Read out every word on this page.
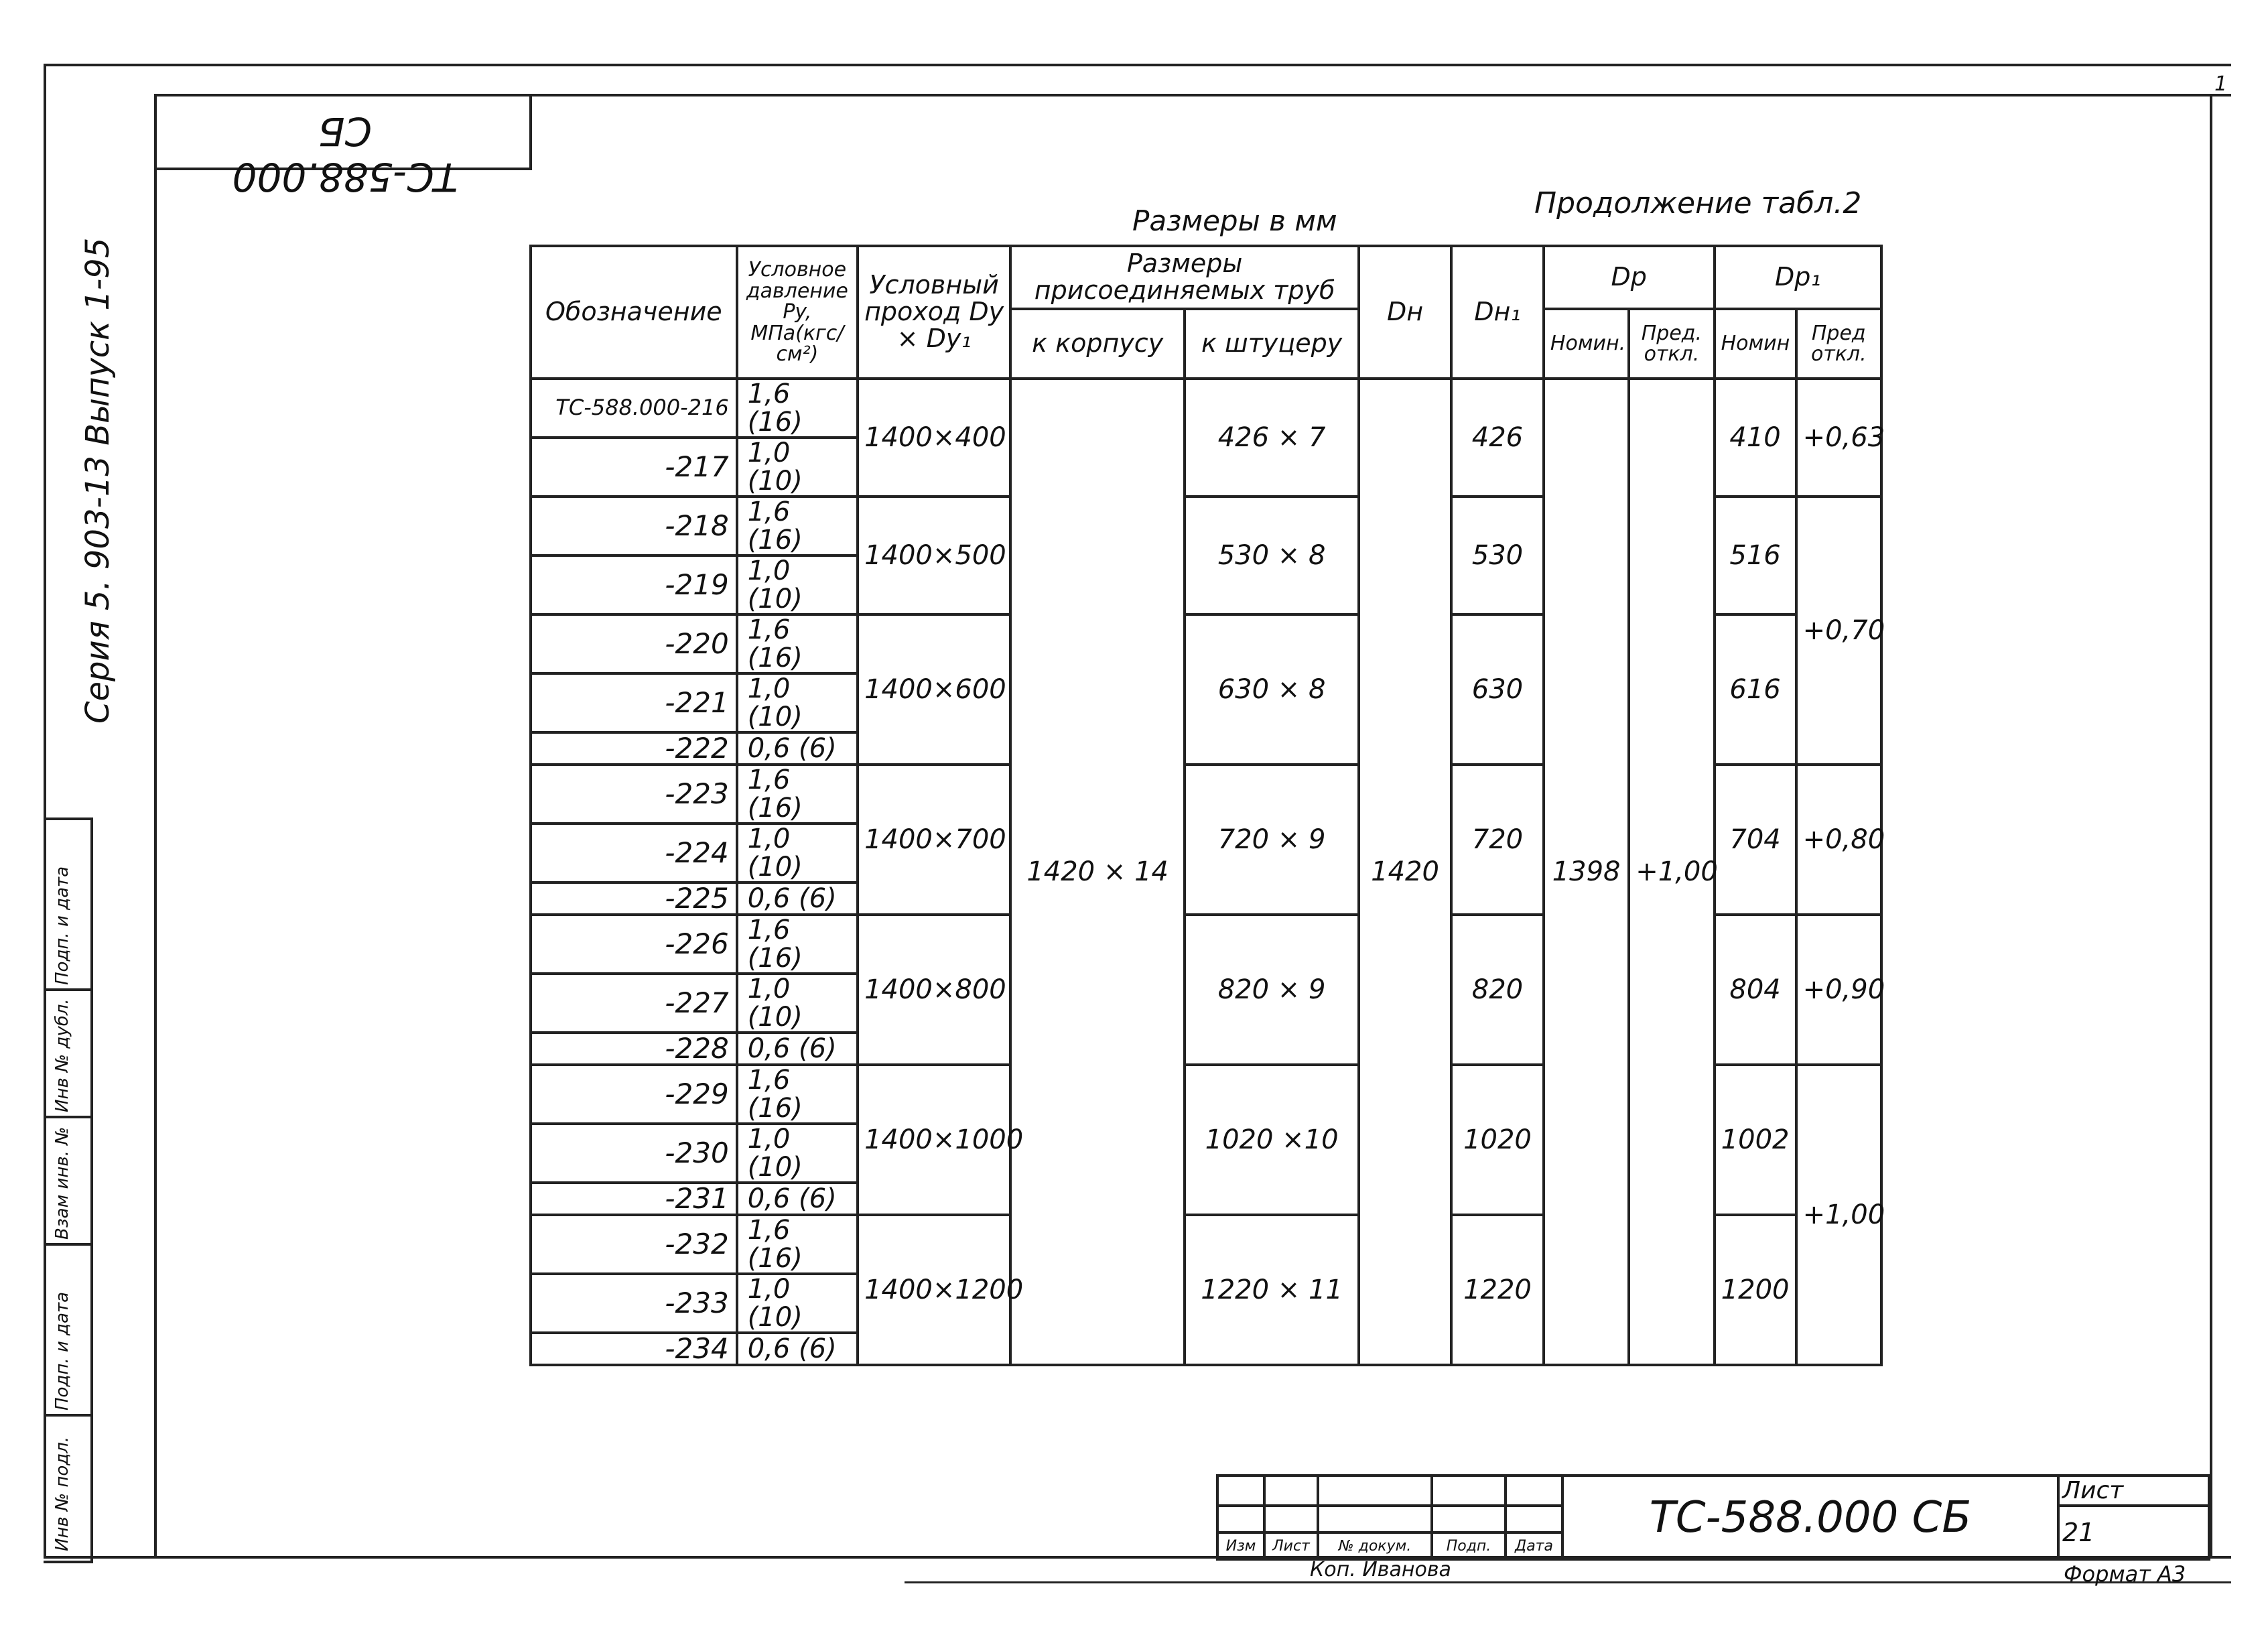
1
ТС-588.000 СБ
Серия 5. 903-13 Выпуск 1-95
Инв № подл.
Подп. и дата
Взам инв. №
Инв № дубл.
Подп. и дата
Размеры в мм
Продолжение табл.2
Обозначение	Условное давление Py, МПа(кгс/см²)	Условный проход Dy × Dy₁	Размеры присоединяемых труб		Dн	Dн₁	Dр		Dр₁	
			к корпусу	к штуцеру			Номин.	Пред. откл.	Номин	Пред откл.
ТС-588.000-216	1,6 (16)	1400×400	1420 × 14	426 × 7	1420	426	1398	+1,00	410	+0,63
-217	1,0 (10)									
-218	1,6 (16)	1400×500		530 × 8		530			516	+0,70
-219	1,0 (10)									
-220	1,6 (16)	1400×600		630 × 8		630			616	
-221	1,0 (10)									
-222	0,6 (6)									
-223	1,6 (16)	1400×700		720 × 9		720			704	+0,80
-224	1,0 (10)									
-225	0,6 (6)									
-226	1,6 (16)	1400×800		820 × 9		820			804	+0,90
-227	1,0 (10)									
-228	0,6 (6)									
-229	1,6 (16)	1400×1000		1020 ×10		1020			1002	+1,00
-230	1,0 (10)									
-231	0,6 (6)									
-232	1,6 (16)	1400×1200		1220 × 11		1220			1200	
-233	1,0 (10)									
-234	0,6 (6)									
					ТС-588.000 СБ	Лист
						21
Изм	Лист	№ докум.	Подп.	Дата		
Коп. Иванова	Формат А3
